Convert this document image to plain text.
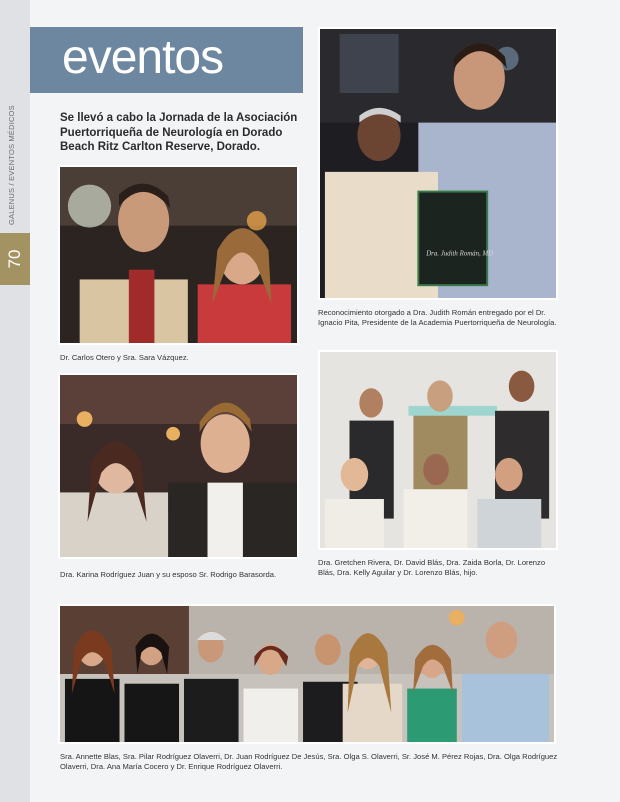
70
GALENUS / EVENTOS MÉDICOS
eventos
Se llevó a cabo la Jornada de la Asociación Puertorriqueña de Neurología en Dorado Beach Ritz Carlton Reserve, Dorado.
Dr. Carlos Otero y Sra. Sara Vázquez.
Dra. Judith Román, MD
Reconocimiento otorgado a Dra. Judith Román entregado por el Dr. Ignacio Pita, Presidente de la Academia Puertorriqueña de Neurología.
Dra. Karina Rodríguez Juan y su esposo Sr. Rodrigo Barasorda.
Dra. Gretchen Rivera, Dr. David Blás, Dra. Zaida Borla, Dr. Lorenzo Blás, Dra. Kelly Aguilar y Dr. Lorenzo Blás, hijo.
Sra. Annette Blas, Sra. Pilar Rodríguez Olaverri, Dr. Juan Rodríguez De Jesús, Sra. Olga S. Olaverri, Sr. José M. Pérez Rojas, Dra. Olga Rodríguez Olaverri, Dra. Ana María Cocero y Dr. Enrique Rodríguez Olaverri.
